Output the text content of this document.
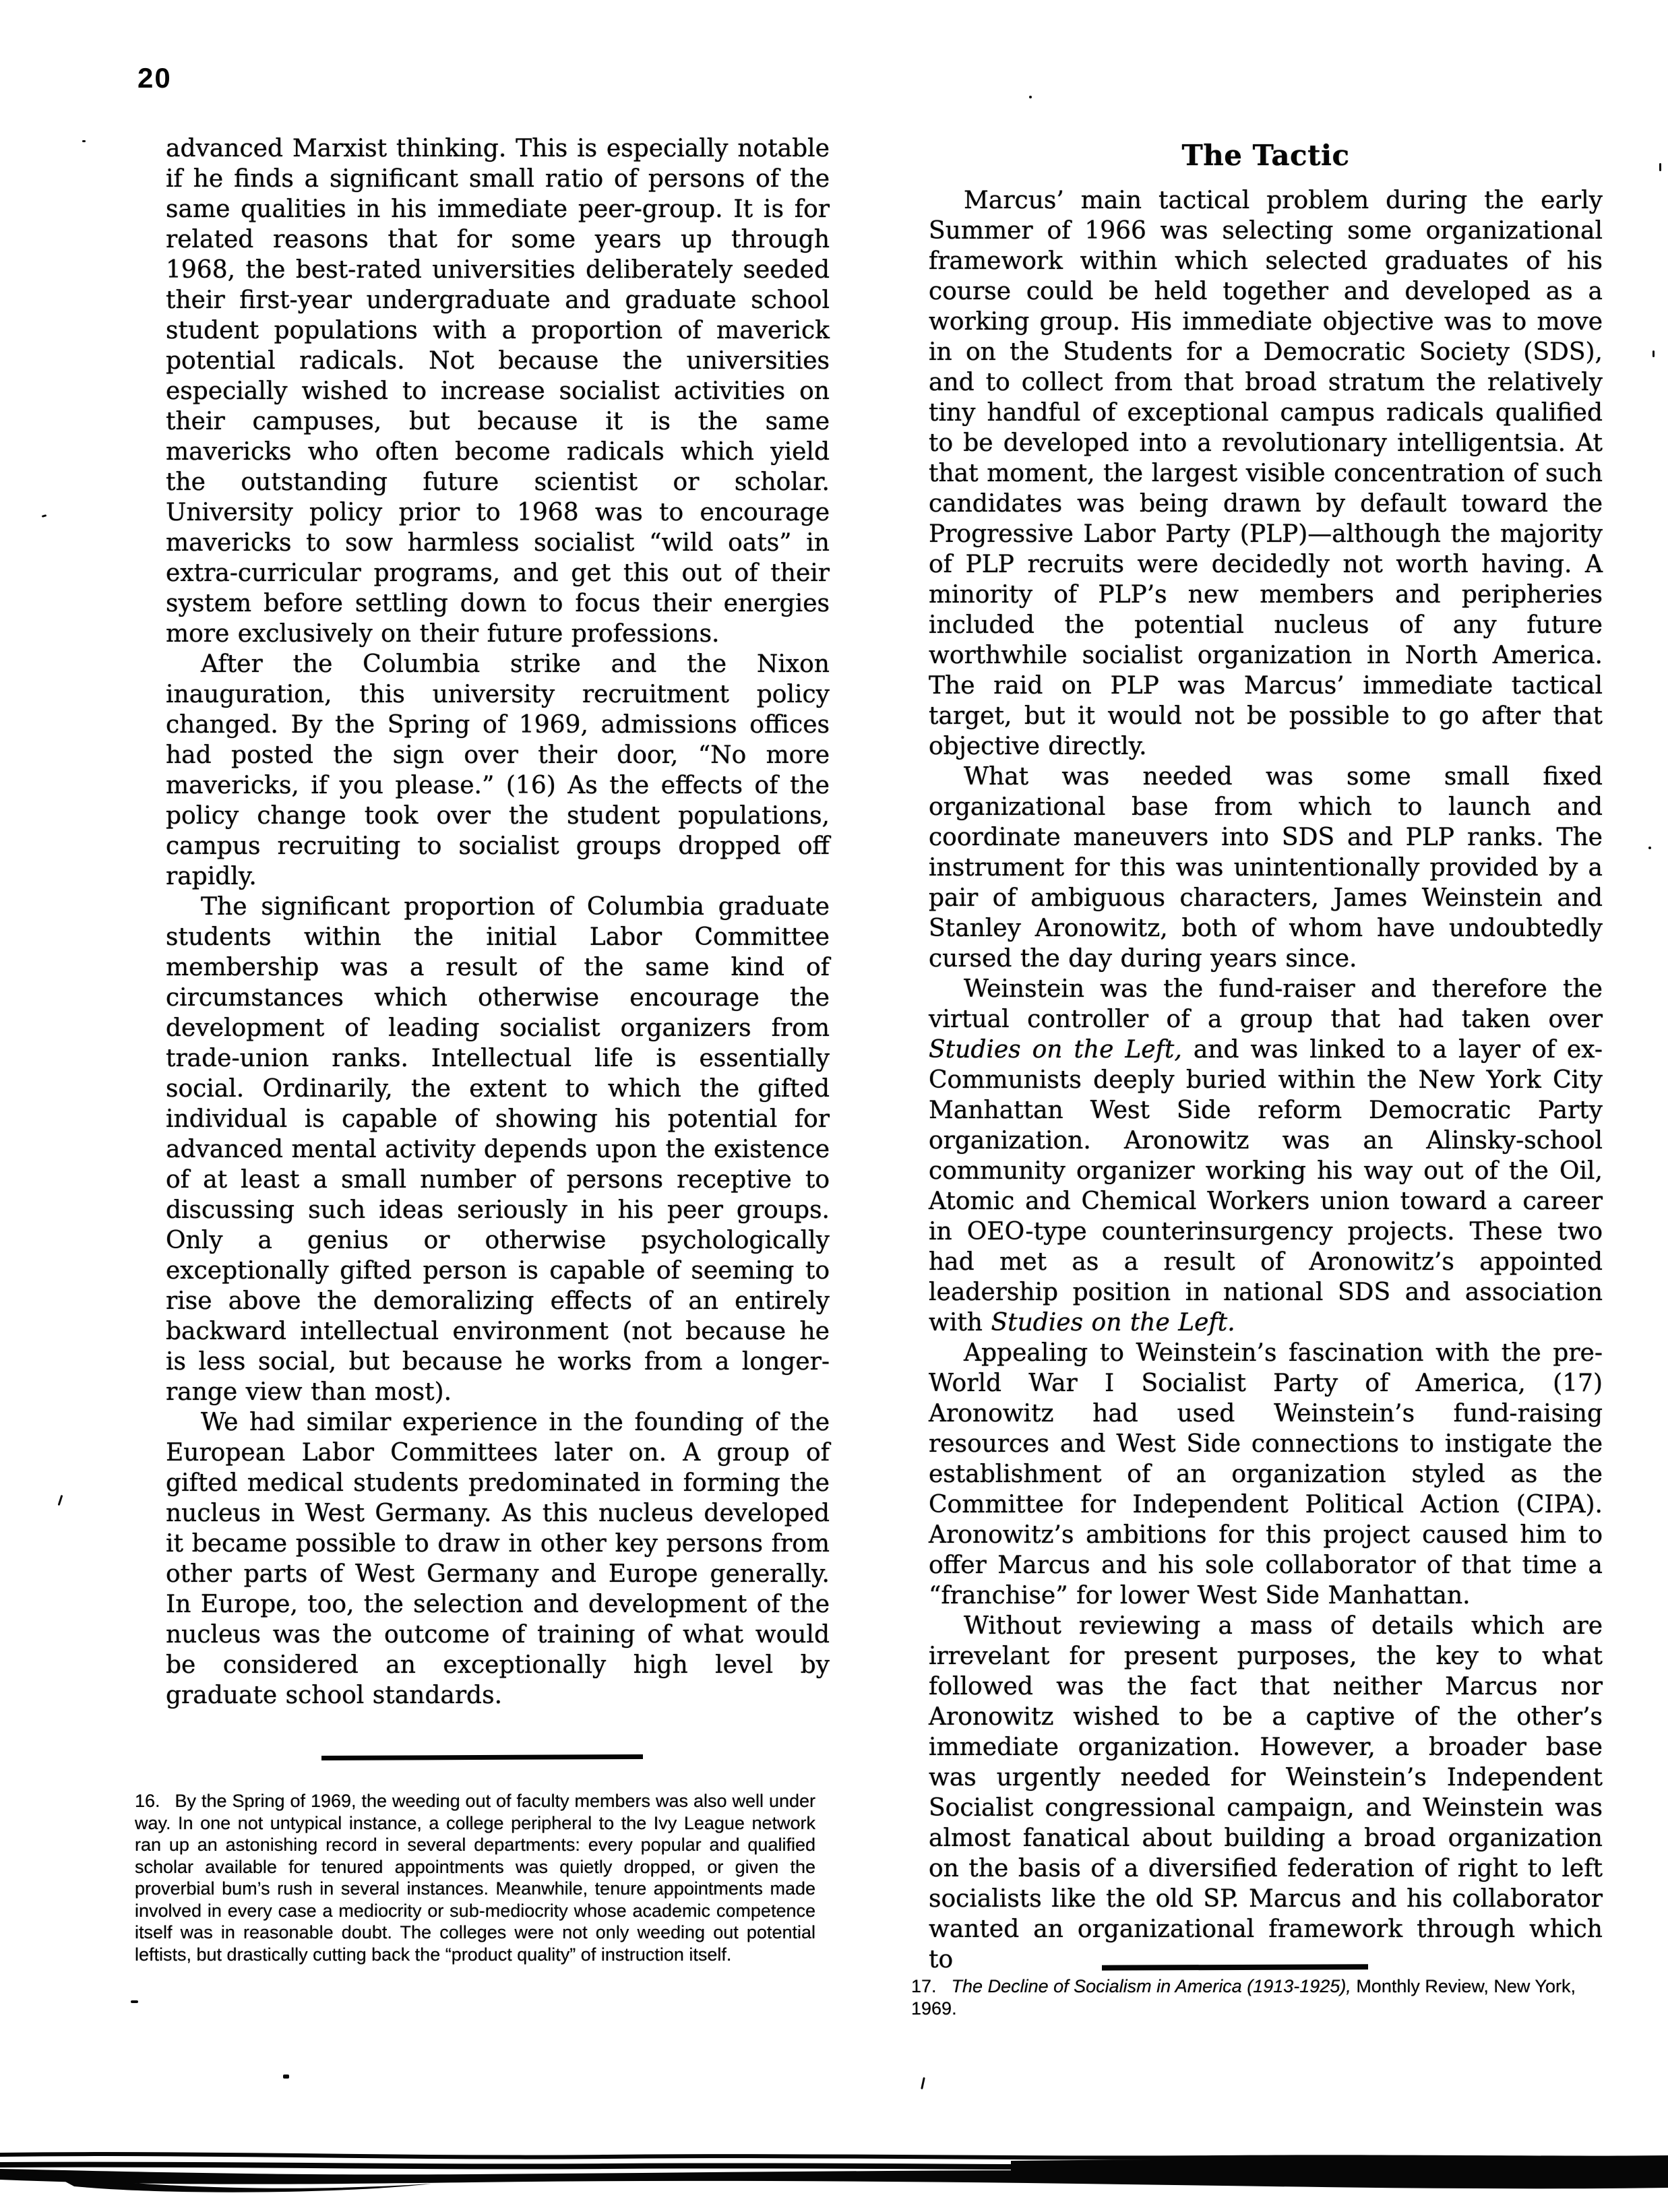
20

advanced Marxist thinking. This is especially notable if he finds a significant small ratio of persons of the same qualities in his immediate peer-group. It is for related reasons that for some years up through 1968, the best-rated universities deliberately seeded their first-year undergraduate and graduate school student populations with a proportion of maverick potential radicals. Not because the universities especially wished to increase socialist activities on their campuses, but because it is the same mavericks who often become radicals which yield the outstanding future scientist or scholar. University policy prior to 1968 was to encourage mavericks to sow harmless socialist “wild oats” in extra-curricular programs, and get this out of their system before settling down to focus their energies more exclusively on their future professions.

After the Columbia strike and the Nixon inauguration, this university recruitment policy changed. By the Spring of 1969, admissions offices had posted the sign over their door, “No more mavericks, if you please.” (16) As the effects of the policy change took over the student populations, campus recruiting to socialist groups dropped off rapidly.

The significant proportion of Columbia graduate students within the initial Labor Committee membership was a result of the same kind of circumstances which otherwise encourage the development of leading socialist organizers from trade-union ranks. Intellectual life is essentially social. Ordinarily, the extent to which the gifted individual is capable of showing his potential for advanced mental activity depends upon the existence of at least a small number of persons receptive to discussing such ideas seriously in his peer groups. Only a genius or otherwise psychologically exceptionally gifted person is capable of seeming to rise above the demoralizing effects of an entirely backward intellectual environment (not because he is less social, but because he works from a longer-range view than most).

We had similar experience in the founding of the European Labor Committees later on. A group of gifted medical students predominated in forming the nucleus in West Germany. As this nucleus developed it became possible to draw in other key persons from other parts of West Germany and Europe generally. In Europe, too, the selection and development of the nucleus was the outcome of training of what would be considered an exceptionally high level by graduate school standards.

The Tactic

Marcus’ main tactical problem during the early Summer of 1966 was selecting some organizational framework within which selected graduates of his course could be held together and developed as a working group. His immediate objective was to move in on the Students for a Democratic Society (SDS), and to collect from that broad stratum the relatively tiny handful of exceptional campus radicals qualified to be developed into a revolutionary intelligentsia. At that moment, the largest visible concentration of such candidates was being drawn by default toward the Progressive Labor Party (PLP)—although the majority of PLP recruits were decidedly not worth having. A minority of PLP’s new members and peripheries included the potential nucleus of any future worthwhile socialist organization in North America. The raid on PLP was Marcus’ immediate tactical target, but it would not be possible to go after that objective directly.

What was needed was some small fixed organizational base from which to launch and coordinate maneuvers into SDS and PLP ranks. The instrument for this was unintentionally provided by a pair of ambiguous characters, James Weinstein and Stanley Aronowitz, both of whom have undoubtedly cursed the day during years since.

Weinstein was the fund-raiser and therefore the virtual controller of a group that had taken over Studies on the Left, and was linked to a layer of ex-Communists deeply buried within the New York City Manhattan West Side reform Democratic Party organization. Aronowitz was an Alinsky-school community organizer working his way out of the Oil, Atomic and Chemical Workers union toward a career in OEO-type counterinsurgency projects. These two had met as a result of Aronowitz’s appointed leadership position in national SDS and association with Studies on the Left.

Appealing to Weinstein’s fascination with the pre-World War I Socialist Party of America, (17) Aronowitz had used Weinstein’s fund-raising resources and West Side connections to instigate the establishment of an organization styled as the Committee for Independent Political Action (CIPA). Aronowitz’s ambitions for this project caused him to offer Marcus and his sole collaborator of that time a “franchise” for lower West Side Manhattan.

Without reviewing a mass of details which are irrevelant for present purposes, the key to what followed was the fact that neither Marcus nor Aronowitz wished to be a captive of the other’s immediate organization. However, a broader base was urgently needed for Weinstein’s Independent Socialist congressional campaign, and Weinstein was almost fanatical about building a broad organization on the basis of a diversified federation of right to left socialists like the old SP. Marcus and his collaborator wanted an organizational framework through which to

16. By the Spring of 1969, the weeding out of faculty members was also well under way. In one not untypical instance, a college peripheral to the Ivy League network ran up an astonishing record in several departments: every popular and qualified scholar available for tenured appointments was quietly dropped, or given the proverbial bum’s rush in several instances. Meanwhile, tenure appointments made involved in every case a mediocrity or sub-mediocrity whose academic competence itself was in reasonable doubt. The colleges were not only weeding out potential leftists, but drastically cutting back the “product quality” of instruction itself.

17. The Decline of Socialism in America (1913-1925), Monthly Review, New York, 1969.
